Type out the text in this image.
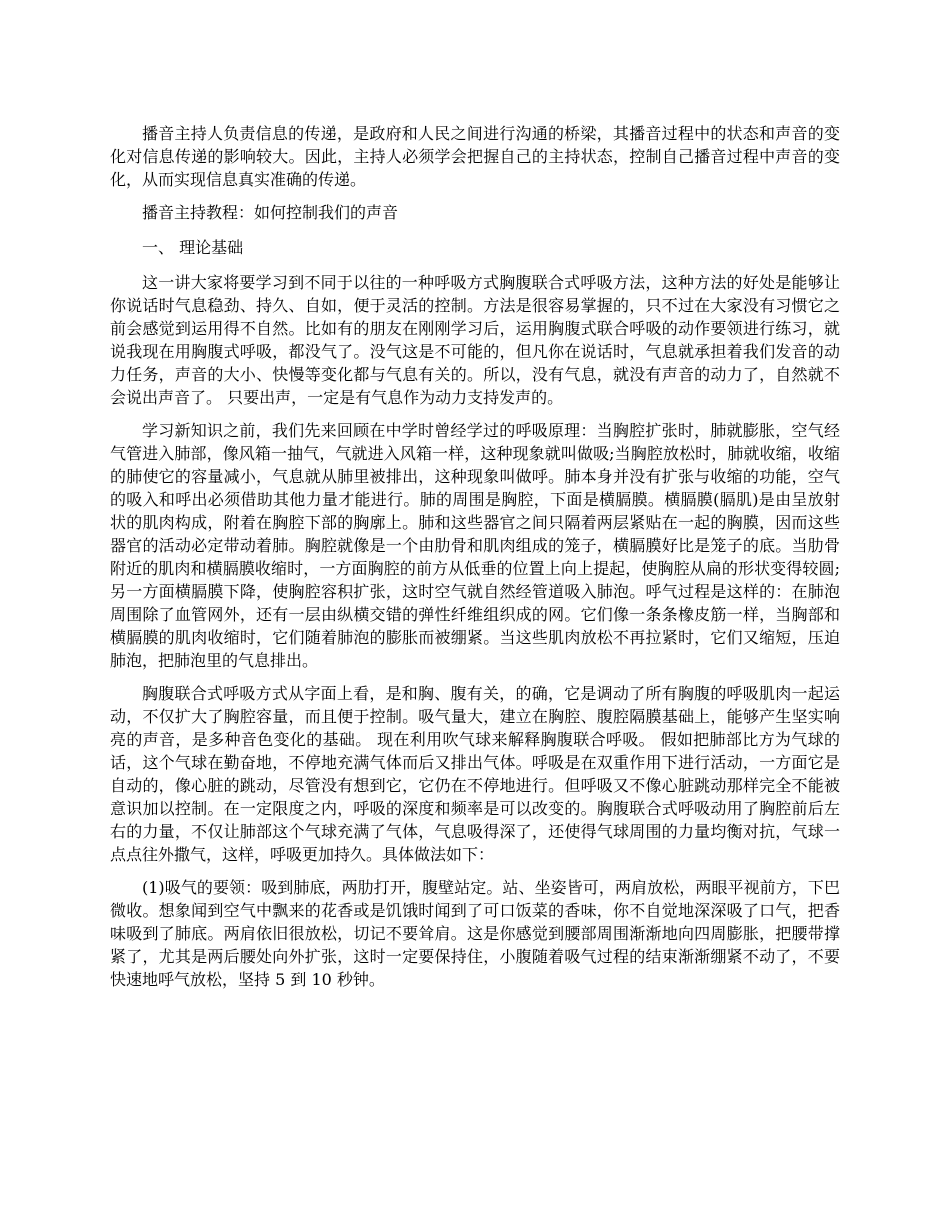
播音主持人负责信息的传递，是政府和人民之间进行沟通的桥梁，其播音过程中的状态和声音的变化对信息传递的影响较大。因此，主持人必须学会把握自己的主持状态，控制自己播音过程中声音的变化，从而实现信息真实准确的传递。

播音主持教程：如何控制我们的声音

一、 理论基础

这一讲大家将要学习到不同于以往的一种呼吸方式胸腹联合式呼吸方法，这种方法的好处是能够让你说话时气息稳劲、持久、自如，便于灵活的控制。方法是很容易掌握的，只不过在大家没有习惯它之前会感觉到运用得不自然。比如有的朋友在刚刚学习后，运用胸腹式联合呼吸的动作要领进行练习，就说我现在用胸腹式呼吸，都没气了。没气这是不可能的，但凡你在说话时，气息就承担着我们发音的动力任务，声音的大小、快慢等变化都与气息有关的。所以，没有气息，就没有声音的动力了，自然就不会说出声音了。 只要出声，一定是有气息作为动力支持发声的。

学习新知识之前，我们先来回顾在中学时曾经学过的呼吸原理：当胸腔扩张时，肺就膨胀，空气经气管进入肺部，像风箱一抽气，气就进入风箱一样，这种现象就叫做吸;当胸腔放松时，肺就收缩，收缩的肺使它的容量减小，气息就从肺里被排出，这种现象叫做呼。肺本身并没有扩张与收缩的功能，空气的吸入和呼出必须借助其他力量才能进行。肺的周围是胸腔，下面是横膈膜。横膈膜(膈肌)是由呈放射状的肌肉构成，附着在胸腔下部的胸廓上。肺和这些器官之间只隔着两层紧贴在一起的胸膜，因而这些器官的活动必定带动着肺。胸腔就像是一个由肋骨和肌肉组成的笼子，横膈膜好比是笼子的底。当肋骨附近的肌肉和横膈膜收缩时，一方面胸腔的前方从低垂的位置上向上提起，使胸腔从扁的形状变得较圆;另一方面横膈膜下降，使胸腔容积扩张，这时空气就自然经管道吸入肺泡。呼气过程是这样的：在肺泡周围除了血管网外，还有一层由纵横交错的弹性纤维组织成的网。它们像一条条橡皮筋一样，当胸部和横膈膜的肌肉收缩时，它们随着肺泡的膨胀而被绷紧。当这些肌肉放松不再拉紧时，它们又缩短，压迫肺泡，把肺泡里的气息排出。

胸腹联合式呼吸方式从字面上看，是和胸、腹有关，的确，它是调动了所有胸腹的呼吸肌肉一起运动，不仅扩大了胸腔容量，而且便于控制。吸气量大，建立在胸腔、腹腔隔膜基础上，能够产生坚实响亮的声音，是多种音色变化的基础。 现在利用吹气球来解释胸腹联合呼吸。 假如把肺部比方为气球的话，这个气球在勤奋地，不停地充满气体而后又排出气体。呼吸是在双重作用下进行活动，一方面它是自动的，像心脏的跳动，尽管没有想到它，它仍在不停地进行。但呼吸又不像心脏跳动那样完全不能被意识加以控制。在一定限度之内，呼吸的深度和频率是可以改变的。胸腹联合式呼吸动用了胸腔前后左右的力量，不仅让肺部这个气球充满了气体，气息吸得深了，还使得气球周围的力量均衡对抗，气球一点点往外撒气，这样，呼吸更加持久。具体做法如下：

(1)吸气的要领：吸到肺底，两肋打开，腹壁站定。站、坐姿皆可，两肩放松，两眼平视前方，下巴微收。想象闻到空气中飘来的花香或是饥饿时闻到了可口饭菜的香味，你不自觉地深深吸了口气，把香味吸到了肺底。两肩依旧很放松，切记不要耸肩。这是你感觉到腰部周围渐渐地向四周膨胀，把腰带撑紧了，尤其是两后腰处向外扩张，这时一定要保持住，小腹随着吸气过程的结束渐渐绷紧不动了，不要快速地呼气放松，坚持 5 到 10 秒钟。
